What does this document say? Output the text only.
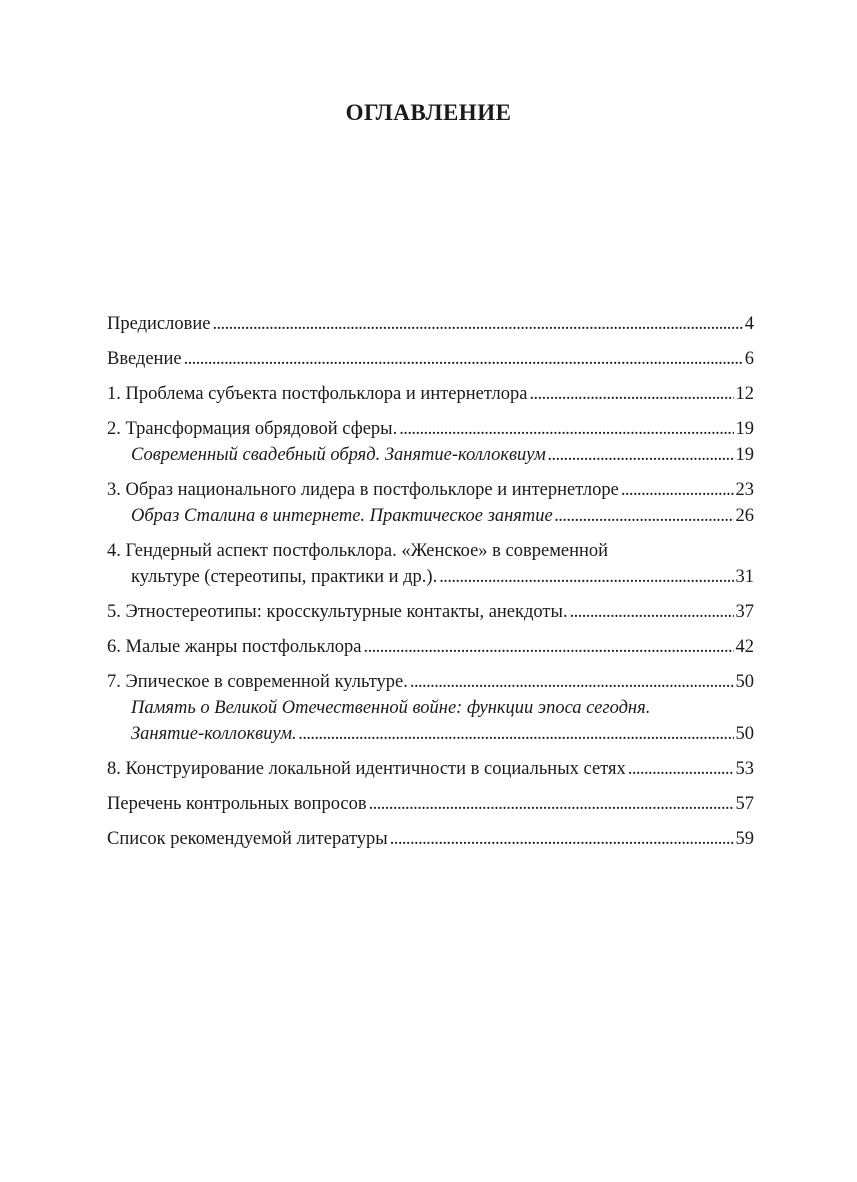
ОГЛАВЛЕНИЕ
Предисловие . . .	4
Введение . . .	6
1. Проблема субъекта постфольклора и интернетлора . . .	12
2. Трансформация обрядовой сферы. . . .	19
Современный свадебный обряд. Занятие-коллоквиум . . .	19
3. Образ национального лидера в постфольклоре и интернетлоре . . .	23
Образ Сталина в интернете. Практическое занятие . . .	26
4. Гендерный аспект постфольклора. «Женское» в современной
культуре (стереотипы, практики и др.). . . .	31
5. Этностереотипы: кросскультурные контакты, анекдоты. . . .	37
6. Малые жанры постфольклора . . .	42
7. Эпическое в современной культуре. . . .	50
Память о Великой Отечественной войне: функции эпоса сегодня.
Занятие-коллоквиум. . . .	50
8. Конструирование локальной идентичности в социальных сетях . . .	53
Перечень контрольных вопросов . . .	57
Список рекомендуемой литературы . . .	59
